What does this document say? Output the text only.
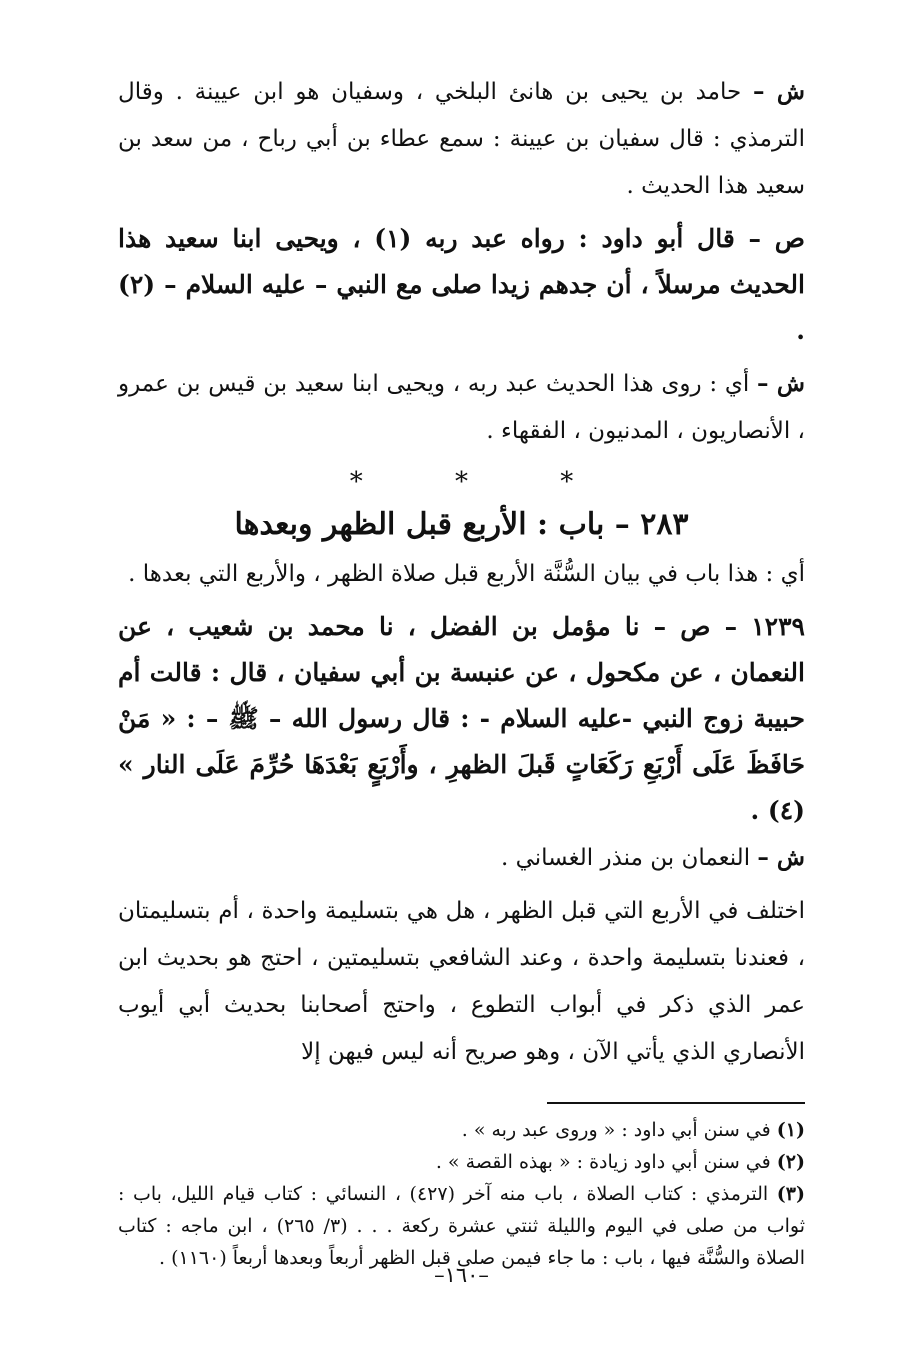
ش – حامد بن يحيى بن هانئ البلخي ، وسفيان هو ابن عيينة . وقال الترمذي : قال سفيان بن عيينة : سمع عطاء بن أبي رباح ، من سعد بن سعيد هذا الحديث .

ص – قال أبو داود : رواه عبد ربه (١) ، ويحيى ابنا سعيد هذا الحديث مرسلاً ، أن جدهم زيدا صلى مع النبي – عليه السلام – (٢) .

ش – أي : روى هذا الحديث عبد ربه ، ويحيى ابنا سعيد بن قيس بن عمرو ، الأنصاريون ، المدنيون ، الفقهاء .

* * *
٢٨٣ – باب : الأربع قبل الظهر وبعدها

أي : هذا باب في بيان السُّنَّة الأربع قبل صلاة الظهر ، والأربع التي بعدها .

١٢٣٩ – ص – نا مؤمل بن الفضل ، نا محمد بن شعيب ، عن النعمان ، عن مكحول ، عن عنبسة بن أبي سفيان ، قال : قالت أم حبيبة زوج النبي -عليه السلام - : قال رسول الله – ﷺ – : « مَنْ حَافَظَ عَلَى أَرْبَعِ رَكَعَاتٍ قَبلَ الظهرِ ، وأَرْبَعٍ بَعْدَهَا حُرِّمَ عَلَى النار » (٤) .

ش – النعمان بن منذر الغساني .

اختلف في الأربع التي قبل الظهر ، هل هي بتسليمة واحدة ، أم بتسليمتان ، فعندنا بتسليمة واحدة ، وعند الشافعي بتسليمتين ، احتج هو بحديث ابن عمر الذي ذكر في أبواب التطوع ، واحتج أصحابنا بحديث أبي أيوب الأنصاري الذي يأتي الآن ، وهو صريح أنه ليس فيهن إلا

(١) في سنن أبي داود : « وروى عبد ربه » .

(٢) في سنن أبي داود زيادة : « بهذه القصة » .

(٣) الترمذي : كتاب الصلاة ، باب منه آخر (٤٢٧) ، النسائي : كتاب قيام الليل، باب : ثواب من صلى في اليوم والليلة ثنتي عشرة ركعة . . . (٣/ ٢٦٥) ، ابن ماجه : كتاب الصلاة والسُّنَّة فيها ، باب : ما جاء فيمن صلى قبل الظهر أربعاً وبعدها أربعاً (١١٦٠) .

–١٦٠–
